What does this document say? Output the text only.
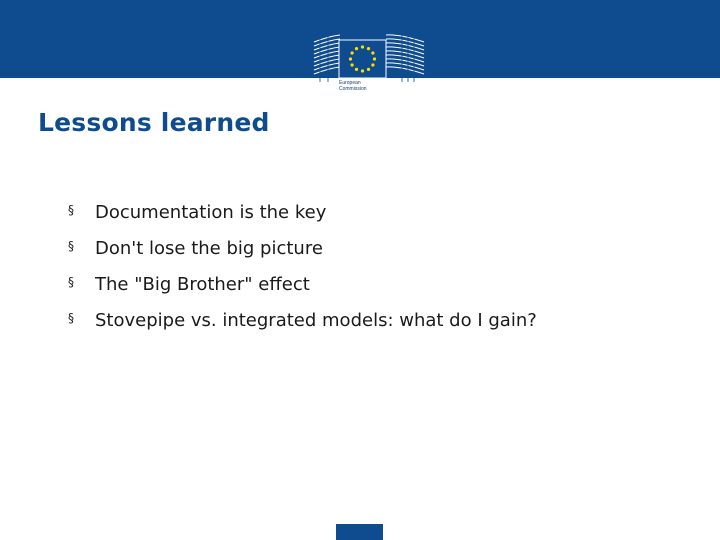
European
Commission
Lessons learned
§ Documentation is the key
§ Don't lose the big picture
§ The "Big Brother" effect
§ Stovepipe vs. integrated models: what do I gain?
